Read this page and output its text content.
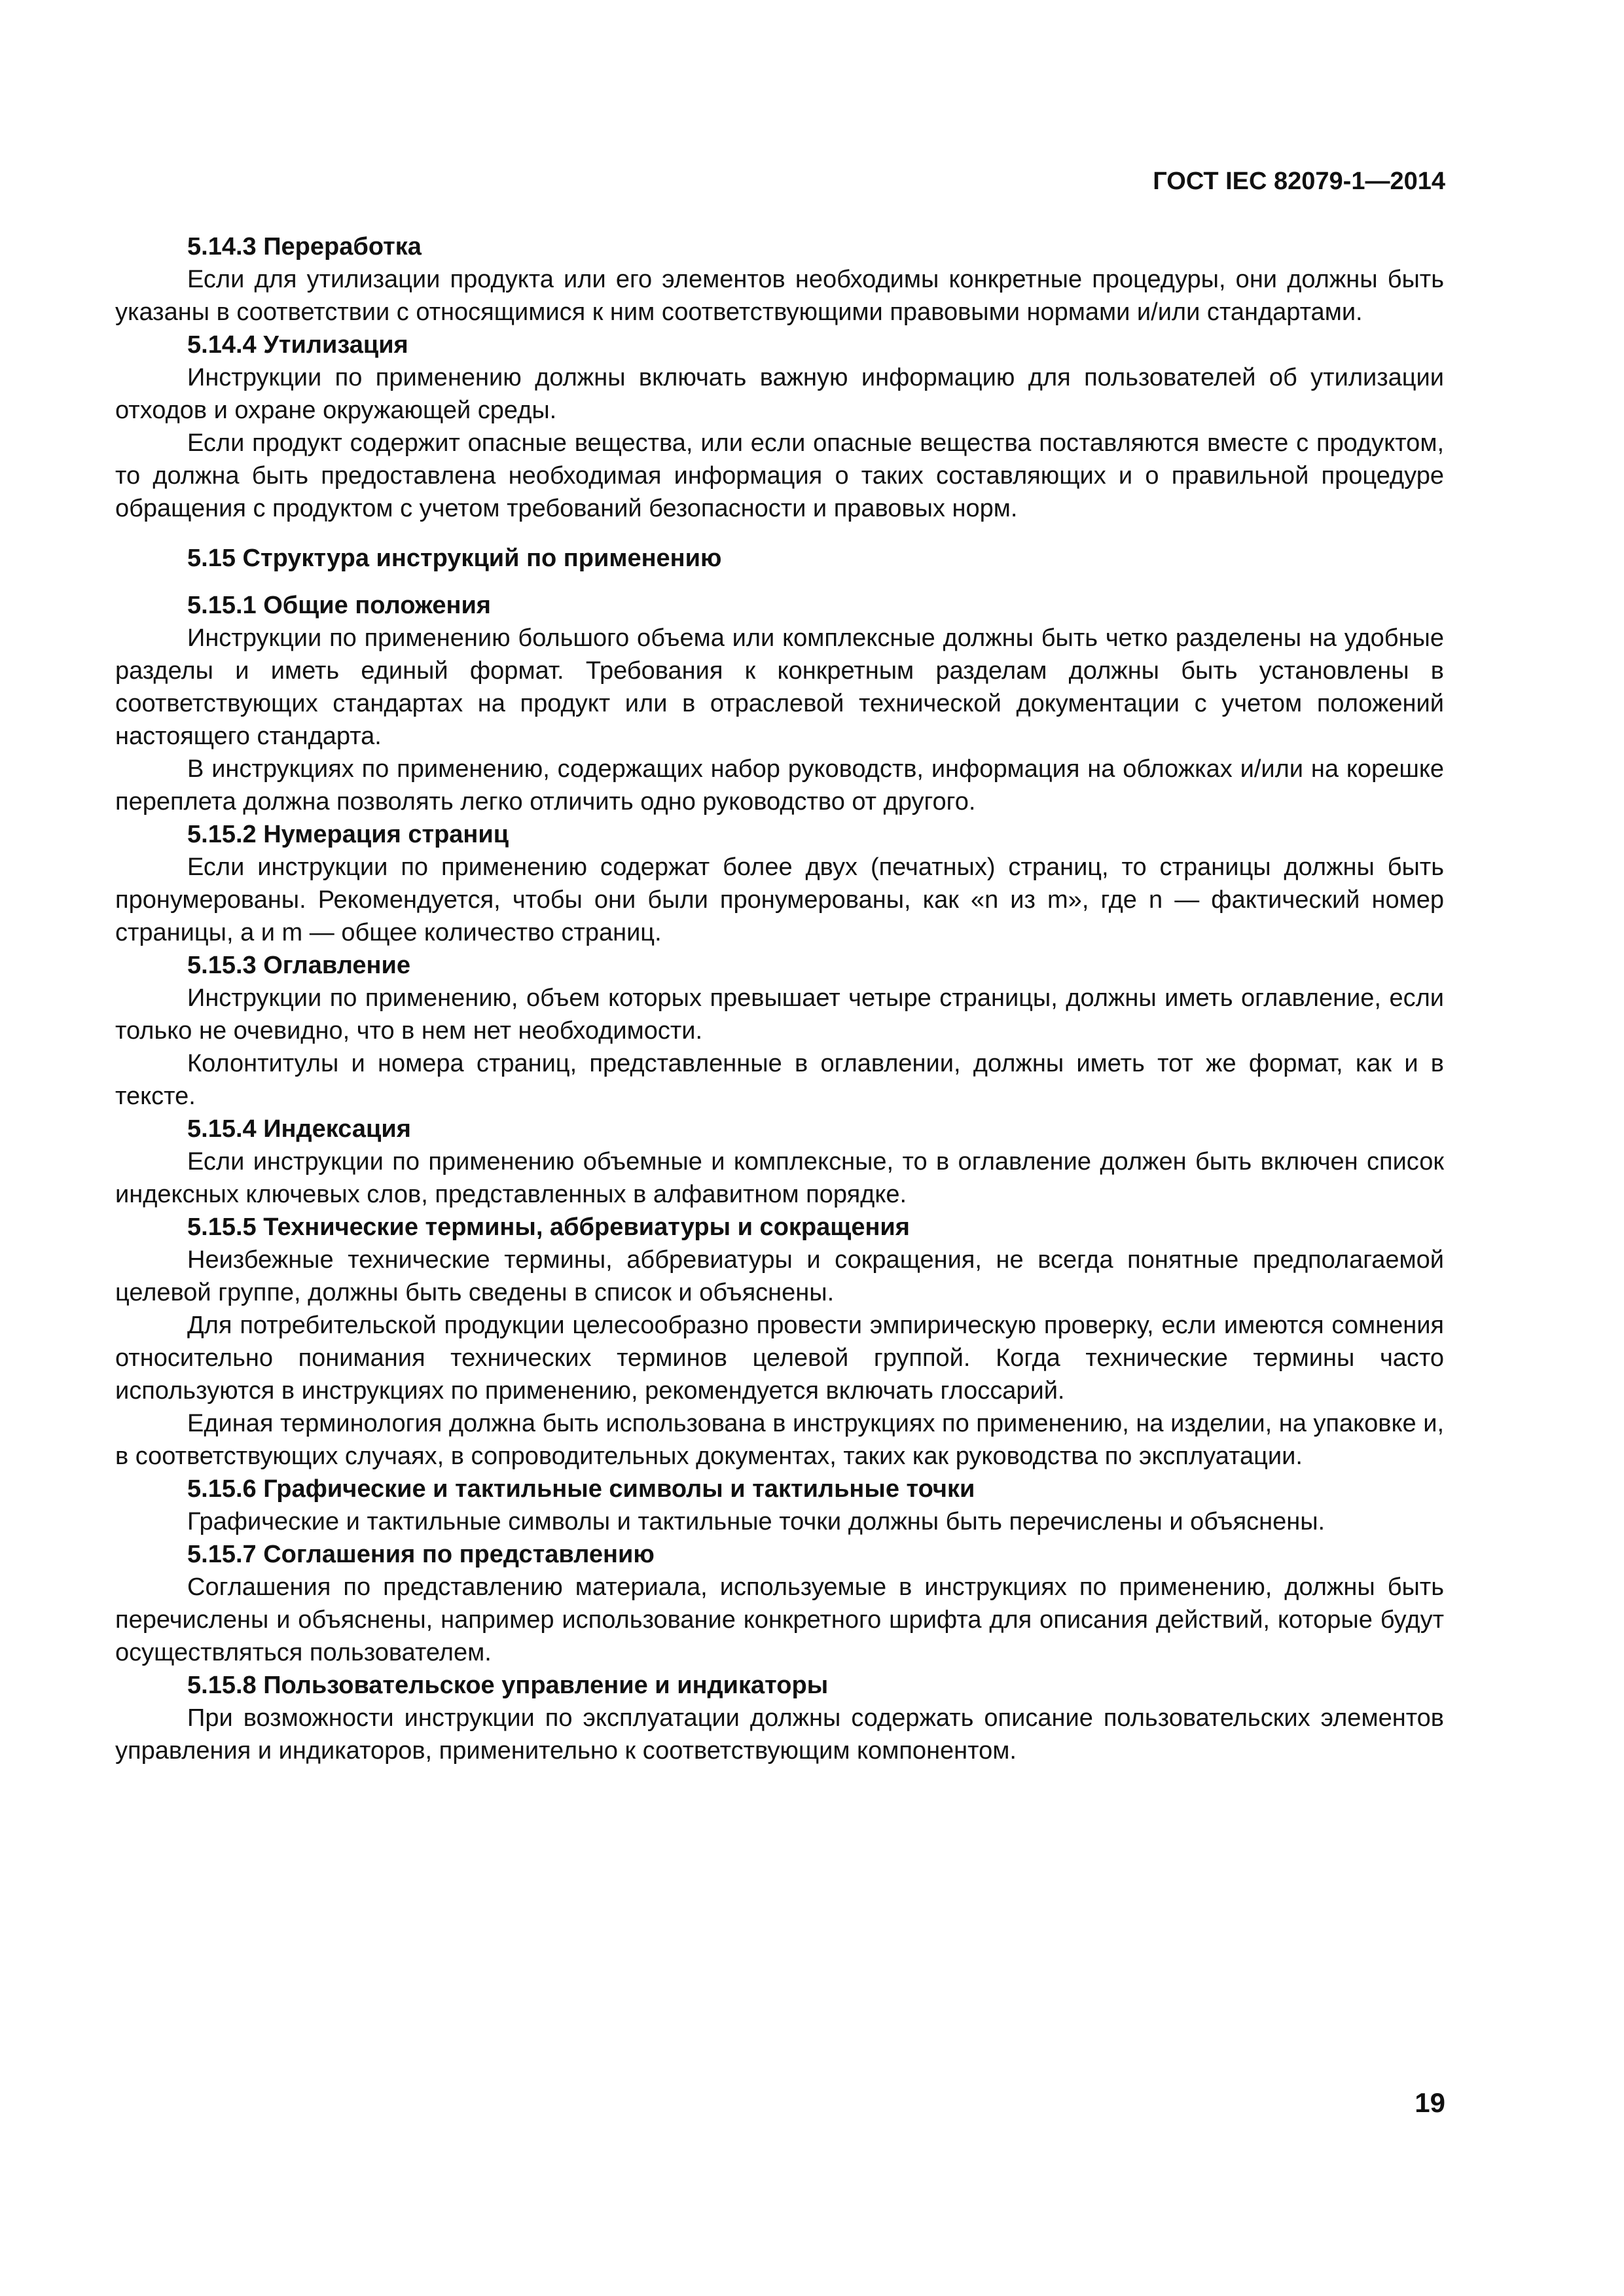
ГОСТ IEC 82079-1—2014
5.14.3 Переработка

Если для утилизации продукта или его элементов необходимы конкретные процедуры, они должны быть указаны в соответствии с относящимися к ним соответствующими правовыми нормами и/или стандартами.

5.14.4 Утилизация

Инструкции по применению должны включать важную информацию для пользователей об утилизации отходов и охране окружающей среды.

Если продукт содержит опасные вещества, или если опасные вещества поставляются вместе с продуктом, то должна быть предоставлена необходимая информация о таких составляющих и о правильной процедуре обращения с продуктом с учетом требований безопасности и правовых норм.

5.15 Структура инструкций по применению
5.15.1 Общие положения

Инструкции по применению большого объема или комплексные должны быть четко разделены на удобные разделы и иметь единый формат. Требования к конкретным разделам должны быть установлены в соответствующих стандартах на продукт или в отраслевой технической документации с учетом положений настоящего стандарта.

В инструкциях по применению, содержащих набор руководств, информация на обложках и/или на корешке переплета должна позволять легко отличить одно руководство от другого.

5.15.2 Нумерация страниц

Если инструкции по применению содержат более двух (печатных) страниц, то страницы должны быть пронумерованы. Рекомендуется, чтобы они были пронумерованы, как «n из m», где n — фактический номер страницы, а и m — общее количество страниц.

5.15.3 Оглавление

Инструкции по применению, объем которых превышает четыре страницы, должны иметь оглавление, если только не очевидно, что в нем нет необходимости.

Колонтитулы и номера страниц, представленные в оглавлении, должны иметь тот же формат, как и в тексте.

5.15.4 Индексация

Если инструкции по применению объемные и комплексные, то в оглавление должен быть включен список индексных ключевых слов, представленных в алфавитном порядке.

5.15.5 Технические термины, аббревиатуры и сокращения

Неизбежные технические термины, аббревиатуры и сокращения, не всегда понятные предполагаемой целевой группе, должны быть сведены в список и объяснены.

Для потребительской продукции целесообразно провести эмпирическую проверку, если имеются сомнения относительно понимания технических терминов целевой группой. Когда технические термины часто используются в инструкциях по применению, рекомендуется включать глоссарий.

Единая терминология должна быть использована в инструкциях по применению, на изделии, на упаковке и, в соответствующих случаях, в сопроводительных документах, таких как руководства по эксплуатации.

5.15.6 Графические и тактильные символы и тактильные точки

Графические и тактильные символы и тактильные точки должны быть перечислены и объяснены.

5.15.7 Соглашения по представлению

Соглашения по представлению материала, используемые в инструкциях по применению, должны быть перечислены и объяснены, например использование конкретного шрифта для описания действий, которые будут осуществляться пользователем.

5.15.8 Пользовательское управление и индикаторы

При возможности инструкции по эксплуатации должны содержать описание пользовательских элементов управления и индикаторов, применительно к соответствующим компонентом.

19
